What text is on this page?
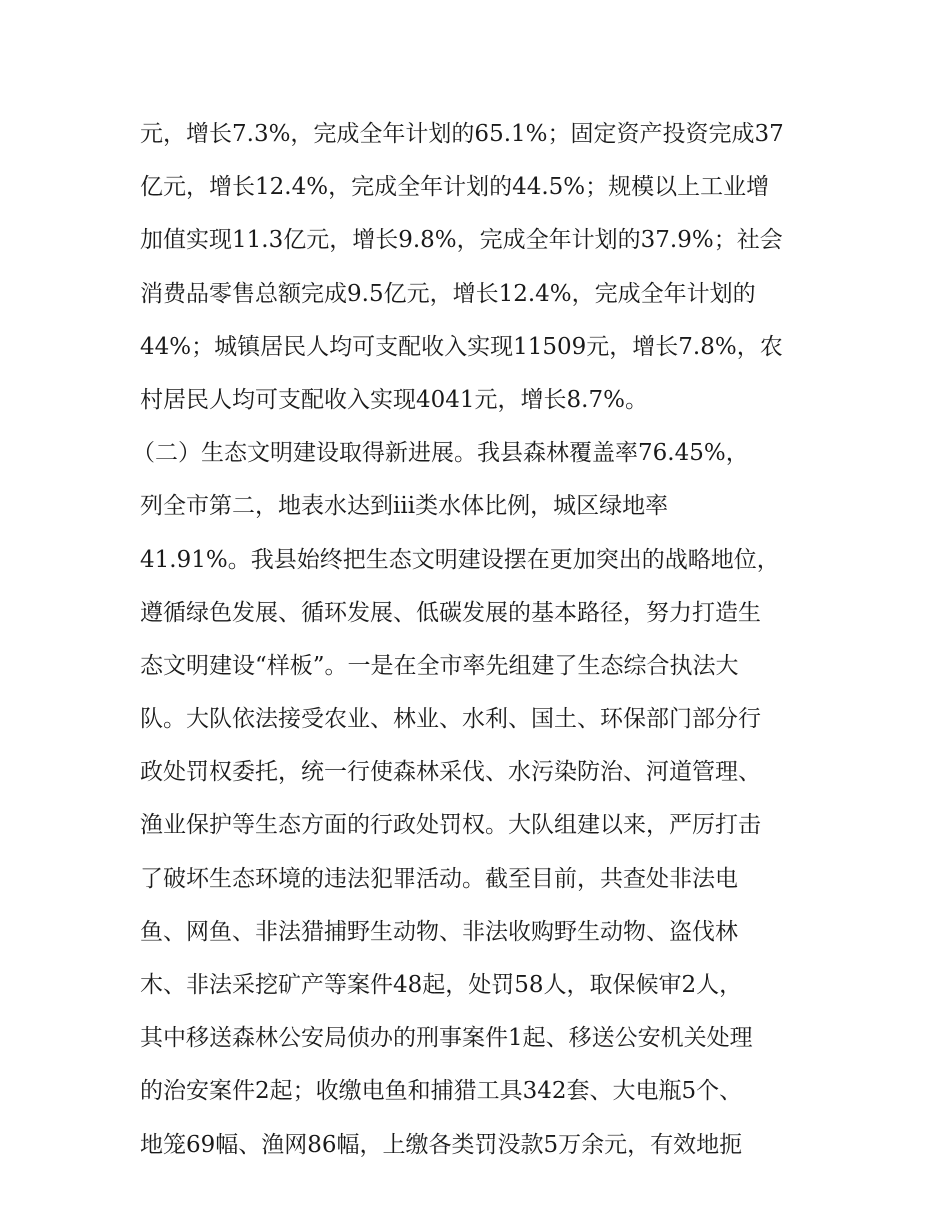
元，增长7.3%，完成全年计划的65.1%；固定资产投资完成37
亿元，增长12.4%，完成全年计划的44.5%；规模以上工业增
加值实现11.3亿元，增长9.8%，完成全年计划的37.9%；社会
消费品零售总额完成9.5亿元，增长12.4%，完成全年计划的
44%；城镇居民人均可支配收入实现11509元，增长7.8%，农
村居民人均可支配收入实现4041元，增长8.7%。
（二）生态文明建设取得新进展。我县森林覆盖率76.45%，
列全市第二，地表水达到iii类水体比例，城区绿地率
41.91%。我县始终把生态文明建设摆在更加突出的战略地位，
遵循绿色发展、循环发展、低碳发展的基本路径，努力打造生
态文明建设“样板”。一是在全市率先组建了生态综合执法大
队。大队依法接受农业、林业、水利、国土、环保部门部分行
政处罚权委托，统一行使森林采伐、水污染防治、河道管理、
渔业保护等生态方面的行政处罚权。大队组建以来，严厉打击
了破坏生态环境的违法犯罪活动。截至目前，共查处非法电
鱼、网鱼、非法猎捕野生动物、非法收购野生动物、盗伐林
木、非法采挖矿产等案件48起，处罚58人，取保候审2人，
其中移送森林公安局侦办的刑事案件1起、移送公安机关处理
的治安案件2起；收缴电鱼和捕猎工具342套、大电瓶5个、
地笼69幅、渔网86幅，上缴各类罚没款5万余元，有效地扼
